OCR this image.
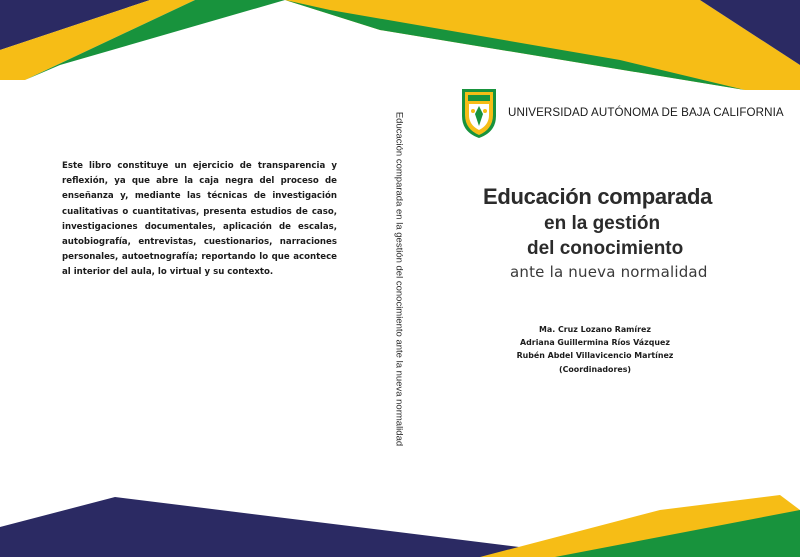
Este libro constituye un ejercicio de transparencia y reflexión, ya que abre la caja negra del proceso de enseñanza y, mediante las técnicas de investigación cualitativas o cuantitativas, presenta estudios de caso, investigaciones documentales, aplicación de escalas, autobiografía, entrevistas, cuestionarios, narraciones personales, autoetnografía; reportando lo que acontece al interior del aula, lo virtual y su contexto.	Educación comparada en la gestión del conocimiento ante la nueva normalidad	UNIVERSIDAD AUTÓNOMA DE BAJA CALIFORNIA
Educación comparada
en la gestión
del conocimiento
ante la nueva normalidad
Ma. Cruz Lozano Ramírez
Adriana Guillermina Ríos Vázquez
Rubén Abdel Villavicencio Martínez
(Coordinadores)
